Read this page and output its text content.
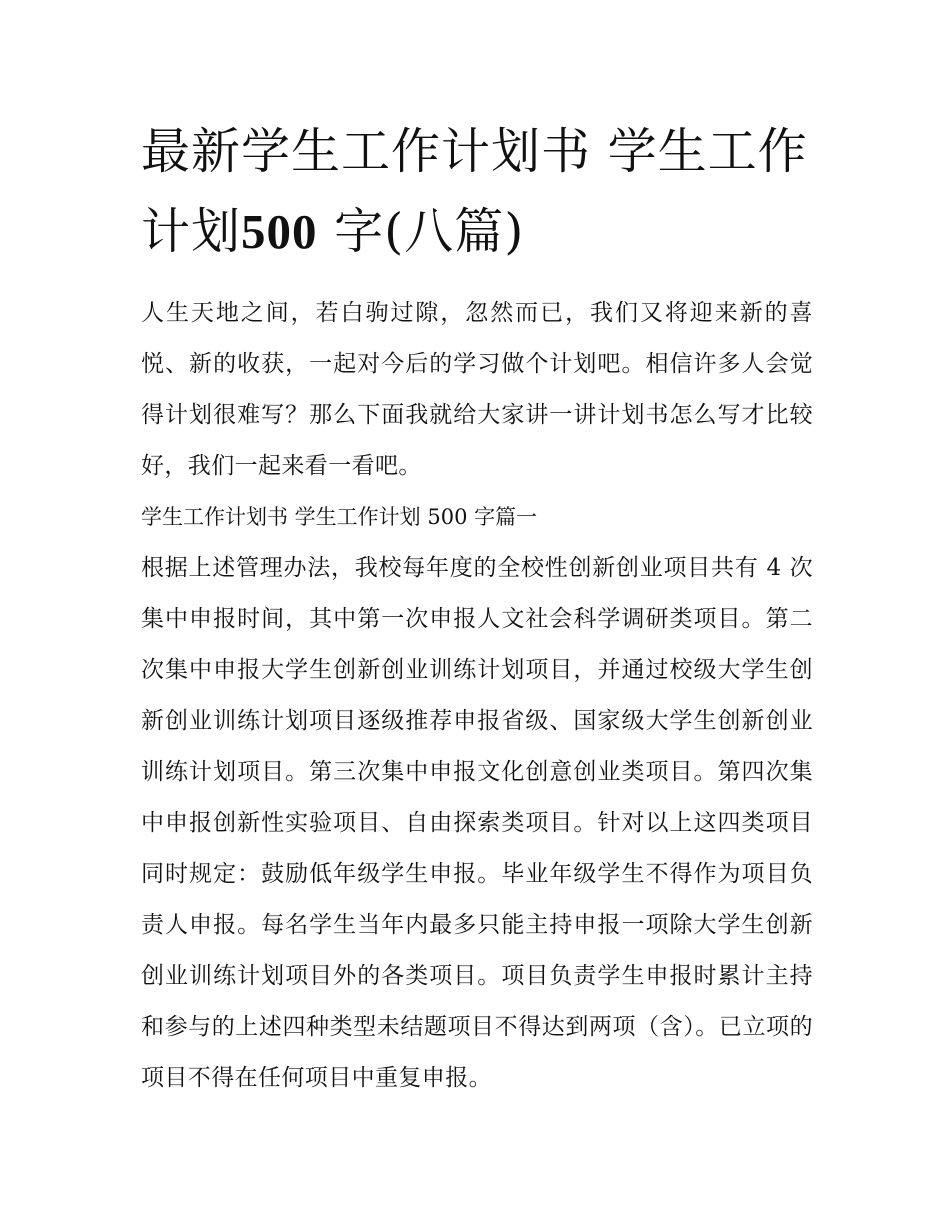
最新学生工作计划书 学生工作计划500 字(八篇)

人生天地之间，若白驹过隙，忽然而已，我们又将迎来新的喜悦、新的收获，一起对今后的学习做个计划吧。相信许多人会觉得计划很难写？那么下面我就给大家讲一讲计划书怎么写才比较好，我们一起来看一看吧。

学生工作计划书 学生工作计划 500 字篇一

根据上述管理办法，我校每年度的全校性创新创业项目共有 4 次集中申报时间，其中第一次申报人文社会科学调研类项目。第二次集中申报大学生创新创业训练计划项目，并通过校级大学生创新创业训练计划项目逐级推荐申报省级、国家级大学生创新创业训练计划项目。第三次集中申报文化创意创业类项目。第四次集中申报创新性实验项目、自由探索类项目。针对以上这四类项目同时规定：鼓励低年级学生申报。毕业年级学生不得作为项目负责人申报。每名学生当年内最多只能主持申报一项除大学生创新创业训练计划项目外的各类项目。项目负责学生申报时累计主持和参与的上述四种类型未结题项目不得达到两项（含）。已立项的项目不得在任何项目中重复申报。
